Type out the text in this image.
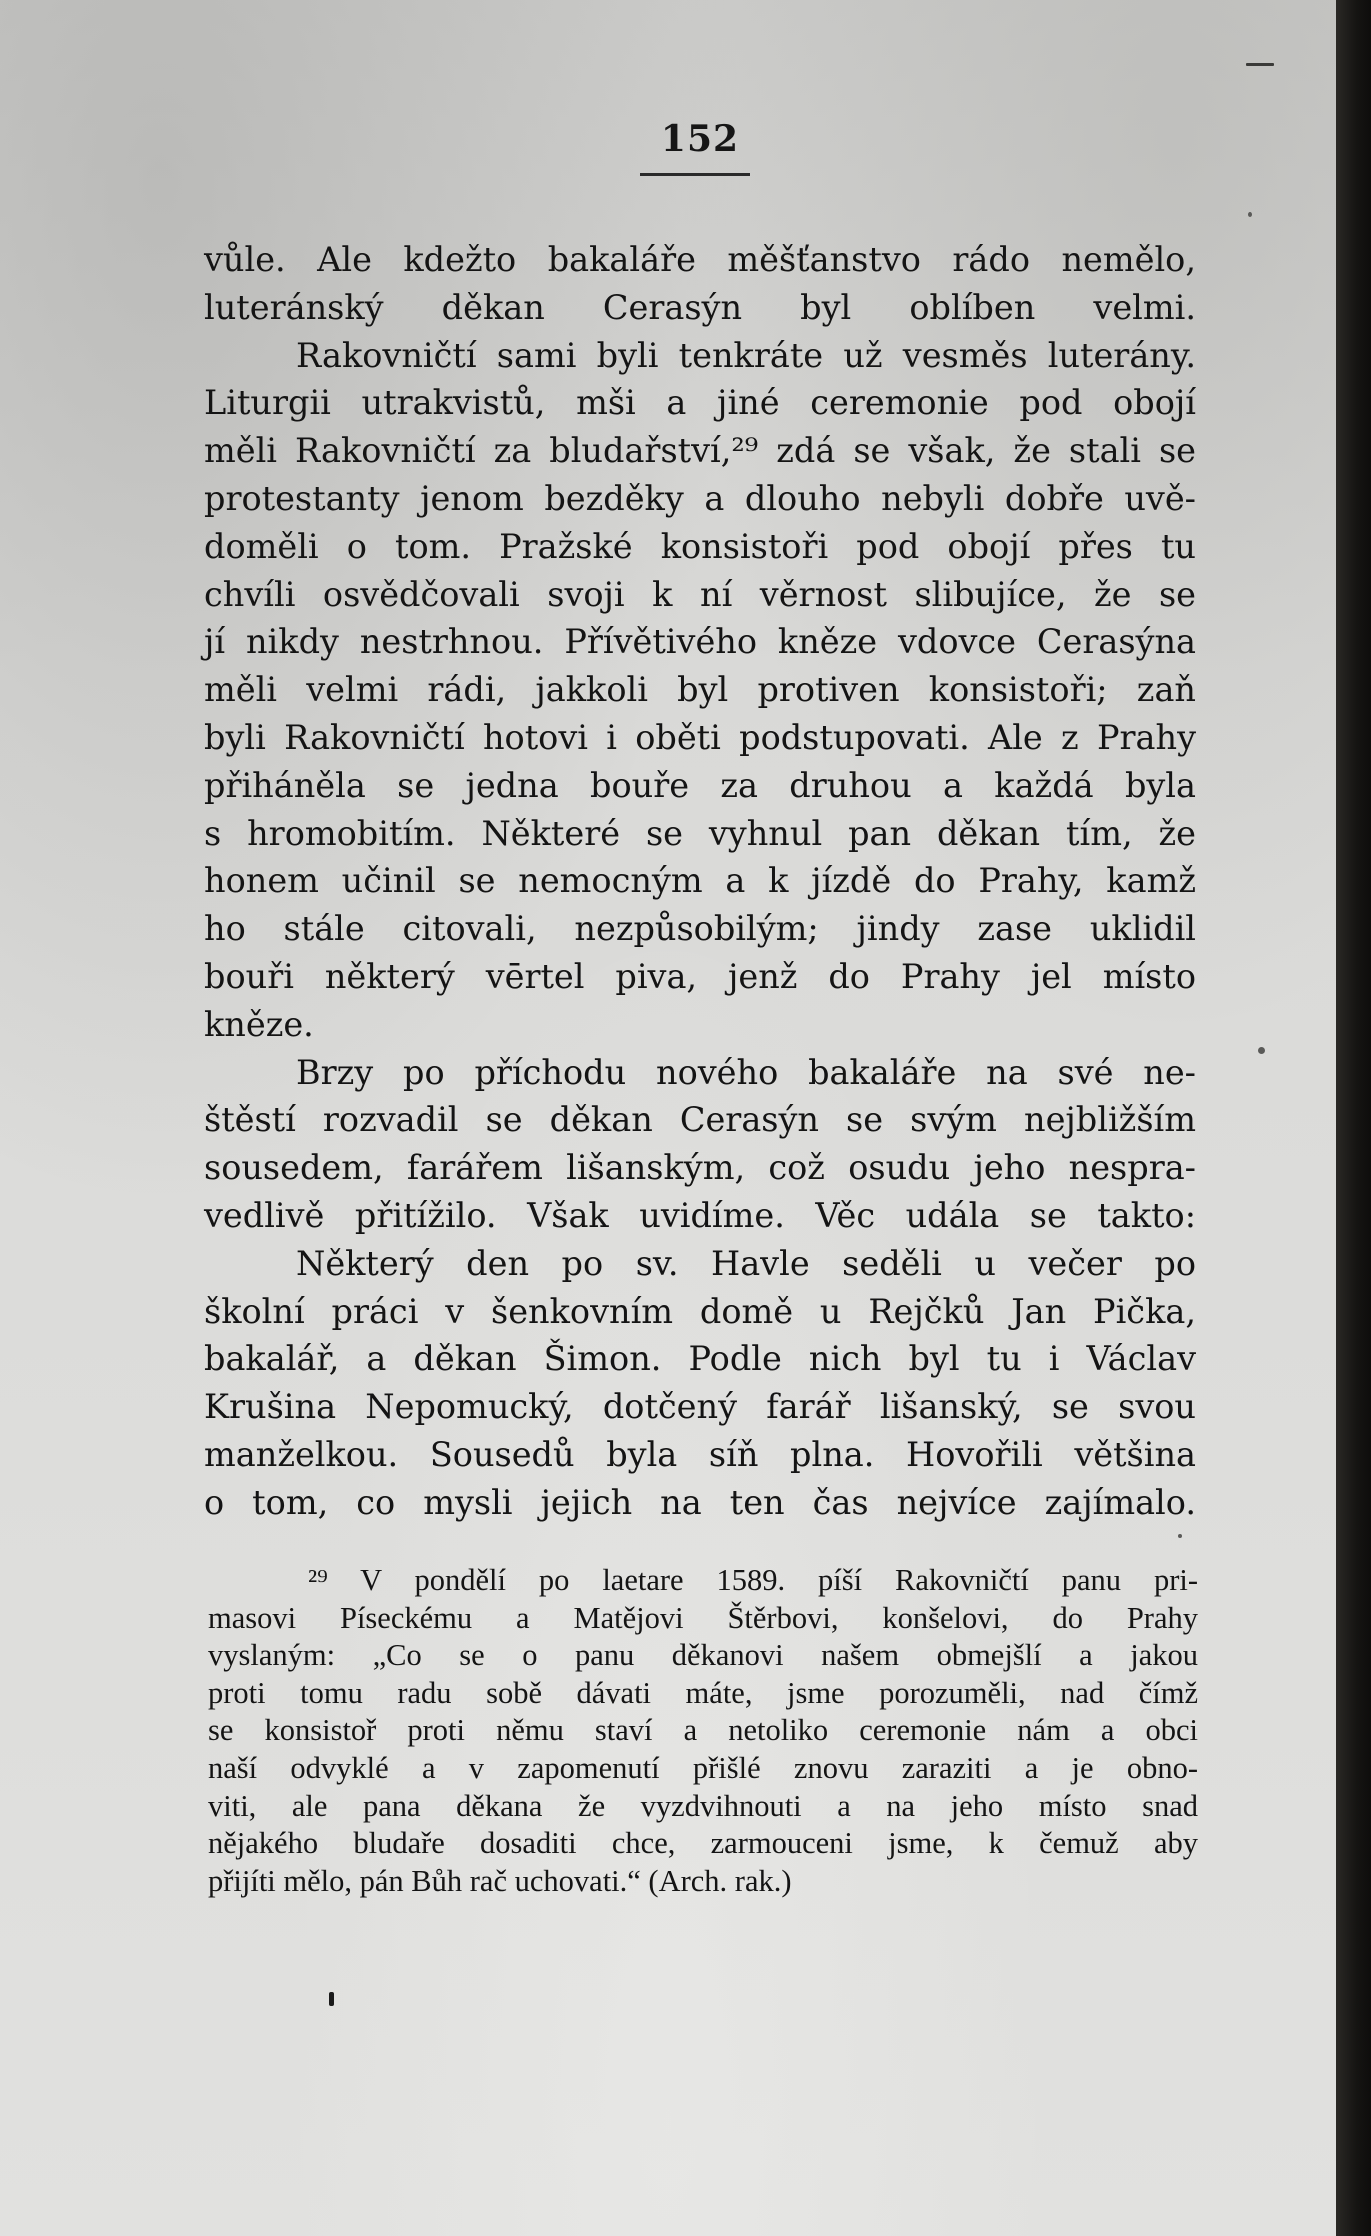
152
vůle. Ale kdežto bakaláře měšťanstvo rádo nemělo,
luteránský děkan Cerasýn byl oblíben velmi.
Rakovničtí sami byli tenkráte už vesměs luterány.
Liturgii utrakvistů, mši a jiné ceremonie pod obojí
měli Rakovničtí za bludařství,²⁹ zdá se však, že stali se
protestanty jenom bezděky a dlouho nebyli dobře uvě-
doměli o tom. Pražské konsistoři pod obojí přes tu
chvíli osvědčovali svoji k ní věrnost slibujíce, že se
jí nikdy nestrhnou. Přívětivého kněze vdovce Cerasýna
měli velmi rádi, jakkoli byl protiven konsistoři; zaň
byli Rakovničtí hotovi i oběti podstupovati. Ale z Prahy
přiháněla se jedna bouře za druhou a každá byla
s hromobitím. Některé se vyhnul pan děkan tím, že
honem učinil se nemocným a k jízdě do Prahy, kamž
ho stále citovali, nezpůsobilým; jindy zase uklidil
bouři některý vērtel piva, jenž do Prahy jel místo
kněze.
Brzy po příchodu nového bakaláře na své ne-
štěstí rozvadil se děkan Cerasýn se svým nejbližším
sousedem, farářem lišanským, což osudu jeho nespra-
vedlivě přitížilo. Však uvidíme. Věc udála se takto:
Některý den po sv. Havle seděli u večer po
školní práci v šenkovním domě u Rejčků Jan Pička,
bakalář, a děkan Šimon. Podle nich byl tu i Václav
Krušina Nepomucký, dotčený farář lišanský, se svou
manželkou. Sousedů byla síň plna. Hovořili většina
o tom, co mysli jejich na ten čas nejvíce zajímalo.
²⁹ V pondělí po laetare 1589. píší Rakovničtí panu pri-
masovi Píseckému a Matějovi Štěrbovi, konšelovi, do Prahy
vyslaným: „Co se o panu děkanovi našem obmejšlí a jakou
proti tomu radu sobě dávati máte, jsme porozuměli, nad čímž
se konsistoř proti němu staví a netoliko ceremonie nám a obci
naší odvyklé a v zapomenutí přišlé znovu zaraziti a je obno-
viti, ale pana děkana že vyzdvihnouti a na jeho místo snad
nějakého bludaře dosaditi chce, zarmouceni jsme, k čemuž aby
přijíti mělo, pán Bůh rač uchovati.“ (Arch. rak.)
